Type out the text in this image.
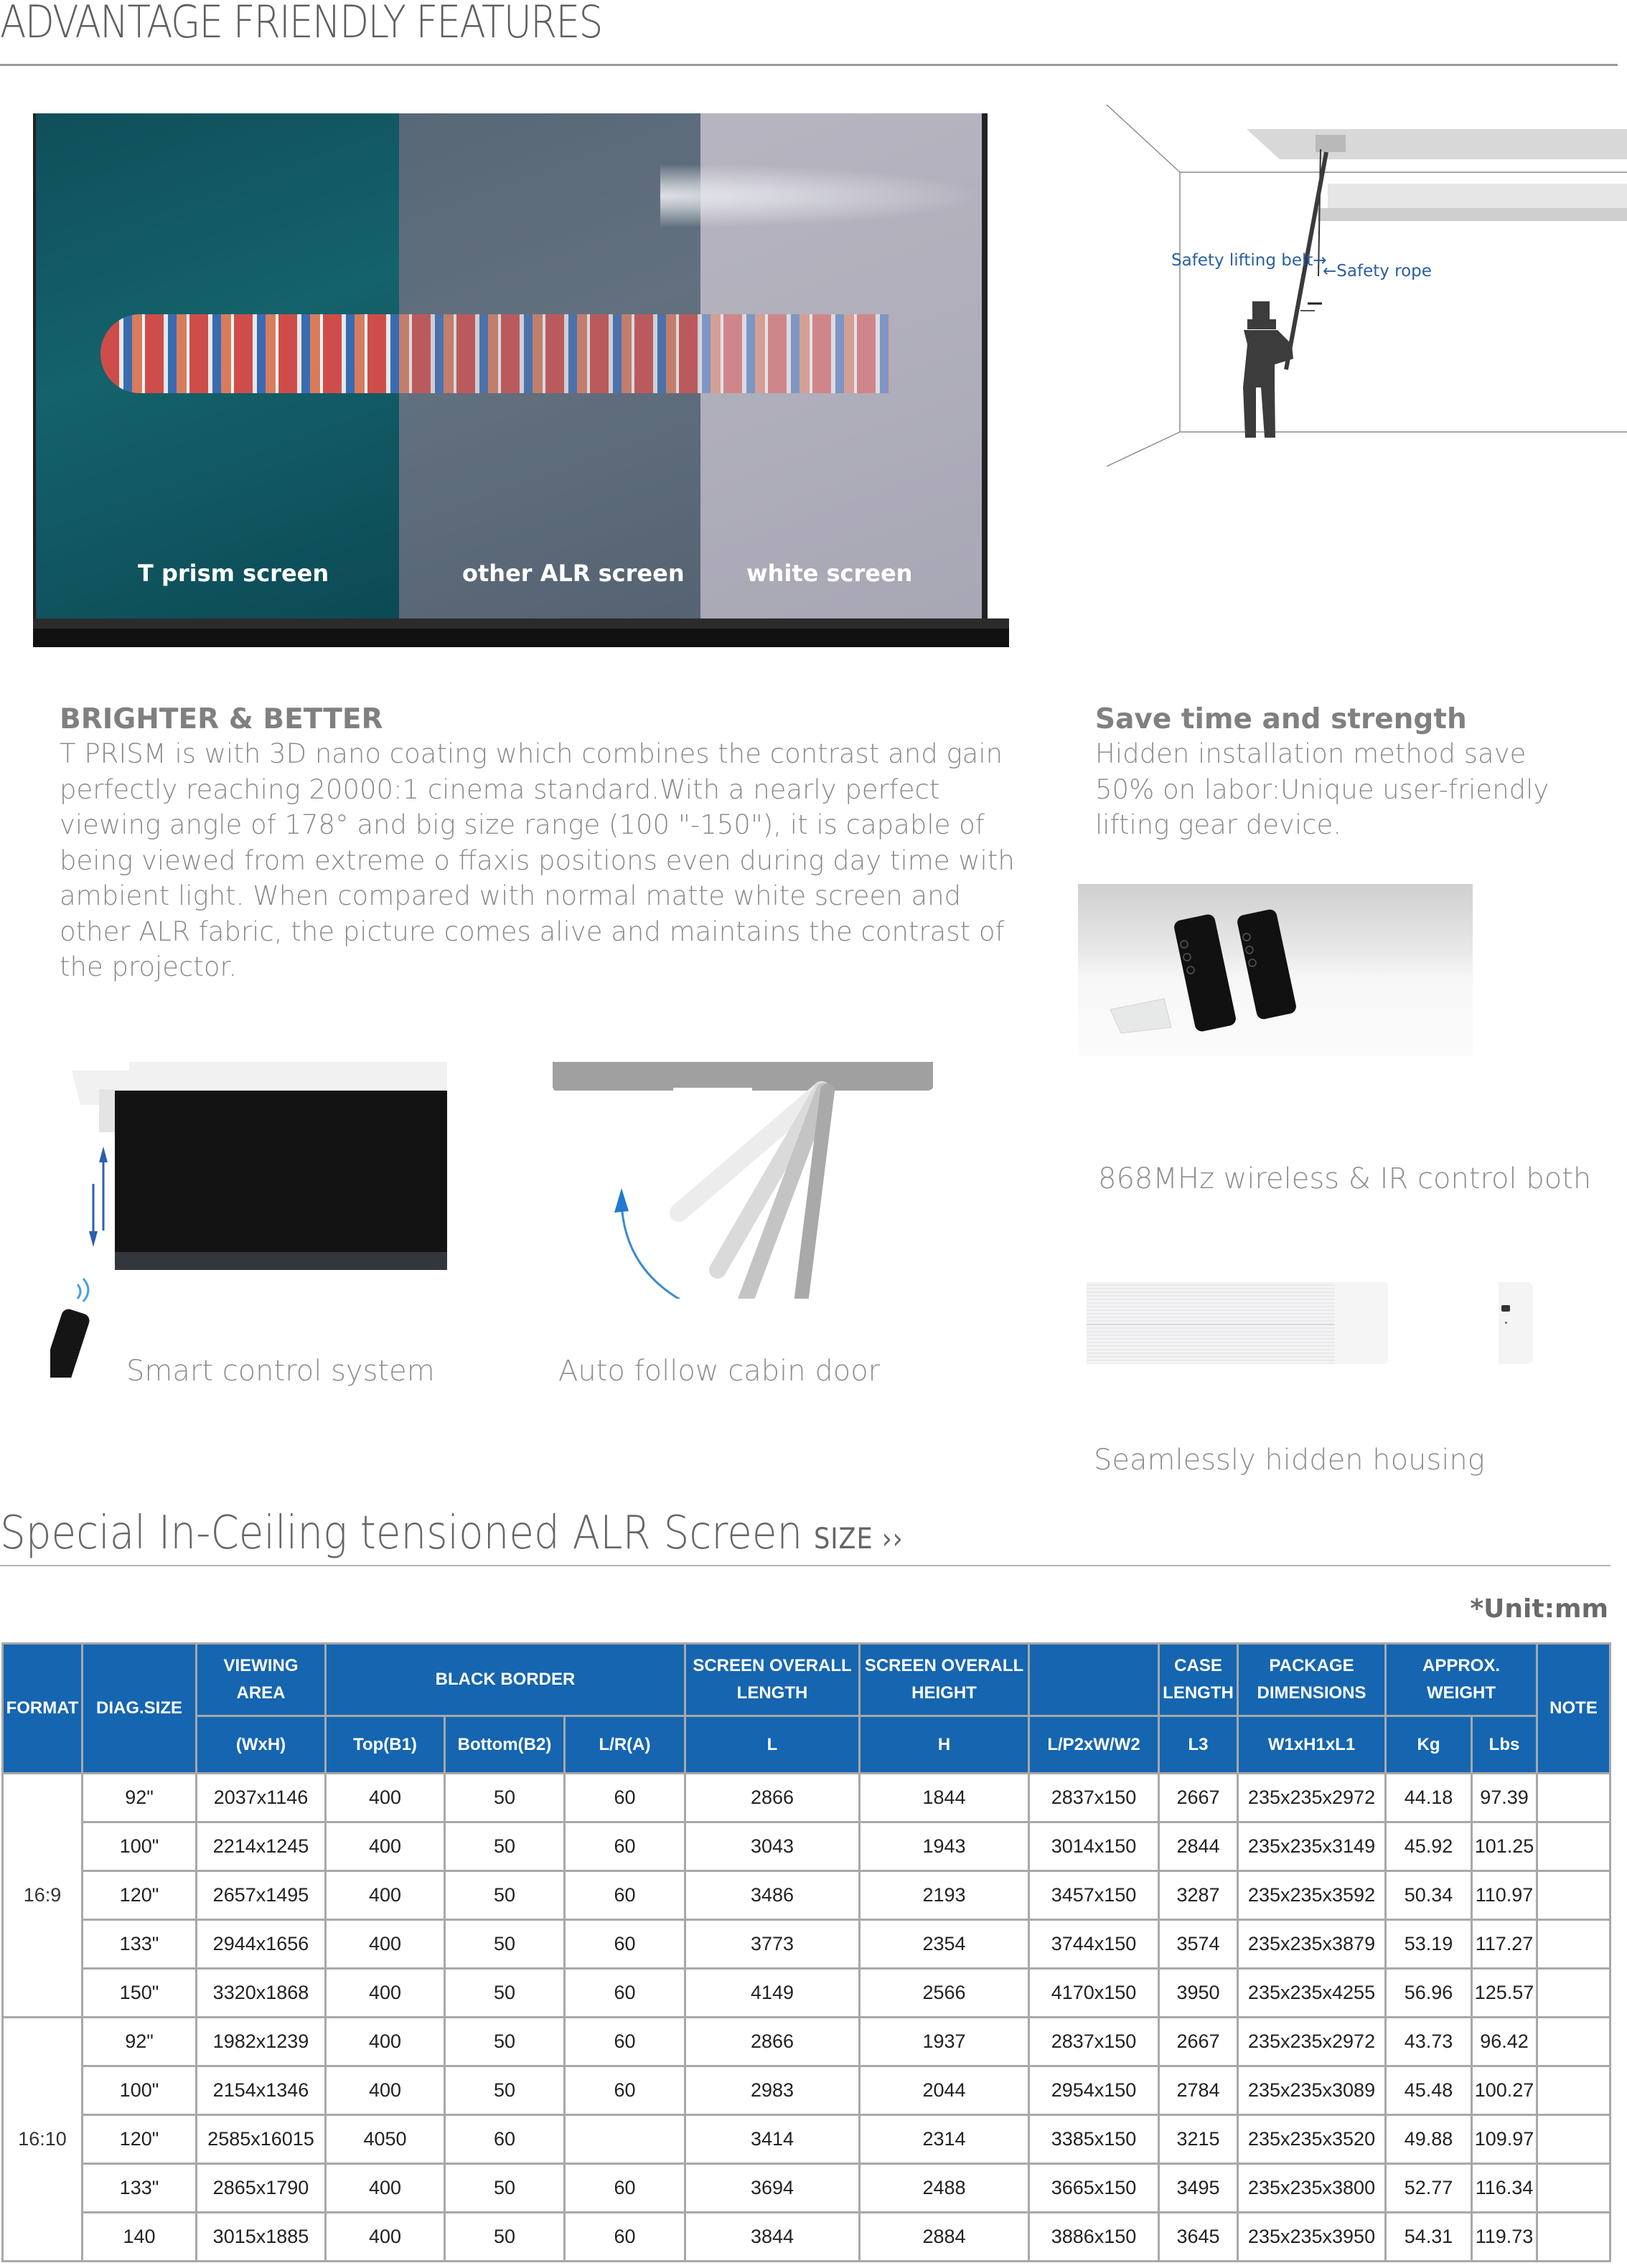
ADVANTAGE FRIENDLY FEATURES
T prism screen	other ALR screen	white screen
Safety lifting belt→
←Safety rope
BRIGHTER & BETTER
T PRISM is with 3D nano coating which combines the contrast and gain perfectly reaching 20000:1 cinema standard.With a nearly perfect viewing angle of 178° and big size range (100 "-150"), it is capable of being viewed from extreme o ffaxis positions even during day time with ambient light. When compared with normal matte white screen and other ALR fabric, the picture comes alive and maintains the contrast of the projector.
Save time and strength
Hidden installation method save 50% on labor:Unique user-friendly lifting gear device.
Smart control system	Auto follow cabin door
868MHz wireless & IR control both
Seamlessly hidden housing
Special In-Ceiling tensioned ALR Screen SIZE ››
*Unit:mm
FORMAT	DIAG.SIZE	VIEWING AREA	BLACK BORDER			SCREEN OVERALL LENGTH	SCREEN OVERALL HEIGHT		CASE LENGTH	PACKAGE DIMENSIONS	APPROX. WEIGHT		NOTE
		(WxH)	Top(B1)	Bottom(B2)	L/R(A)	L	H	L/P2xW/W2	L3	W1xH1xL1	Kg	Lbs	
16:9	92"	2037x1146	400	50	60	2866	1844	2837x150	2667	235x235x2972	44.18	97.39	
	100"	2214x1245	400	50	60	3043	1943	3014x150	2844	235x235x3149	45.92	101.25	
	120"	2657x1495	400	50	60	3486	2193	3457x150	3287	235x235x3592	50.34	110.97	
	133"	2944x1656	400	50	60	3773	2354	3744x150	3574	235x235x3879	53.19	117.27	
	150"	3320x1868	400	50	60	4149	2566	4170x150	3950	235x235x4255	56.96	125.57	
16:10	92"	1982x1239	400	50	60	2866	1937	2837x150	2667	235x235x2972	43.73	96.42	
	100"	2154x1346	400	50	60	2983	2044	2954x150	2784	235x235x3089	45.48	100.27	
	120"	2585x16015	4050	60		3414	2314	3385x150	3215	235x235x3520	49.88	109.97	
	133"	2865x1790	400	50	60	3694	2488	3665x150	3495	235x235x3800	52.77	116.34	
	140	3015x1885	400	50	60	3844	2884	3886x150	3645	235x235x3950	54.31	119.73	
